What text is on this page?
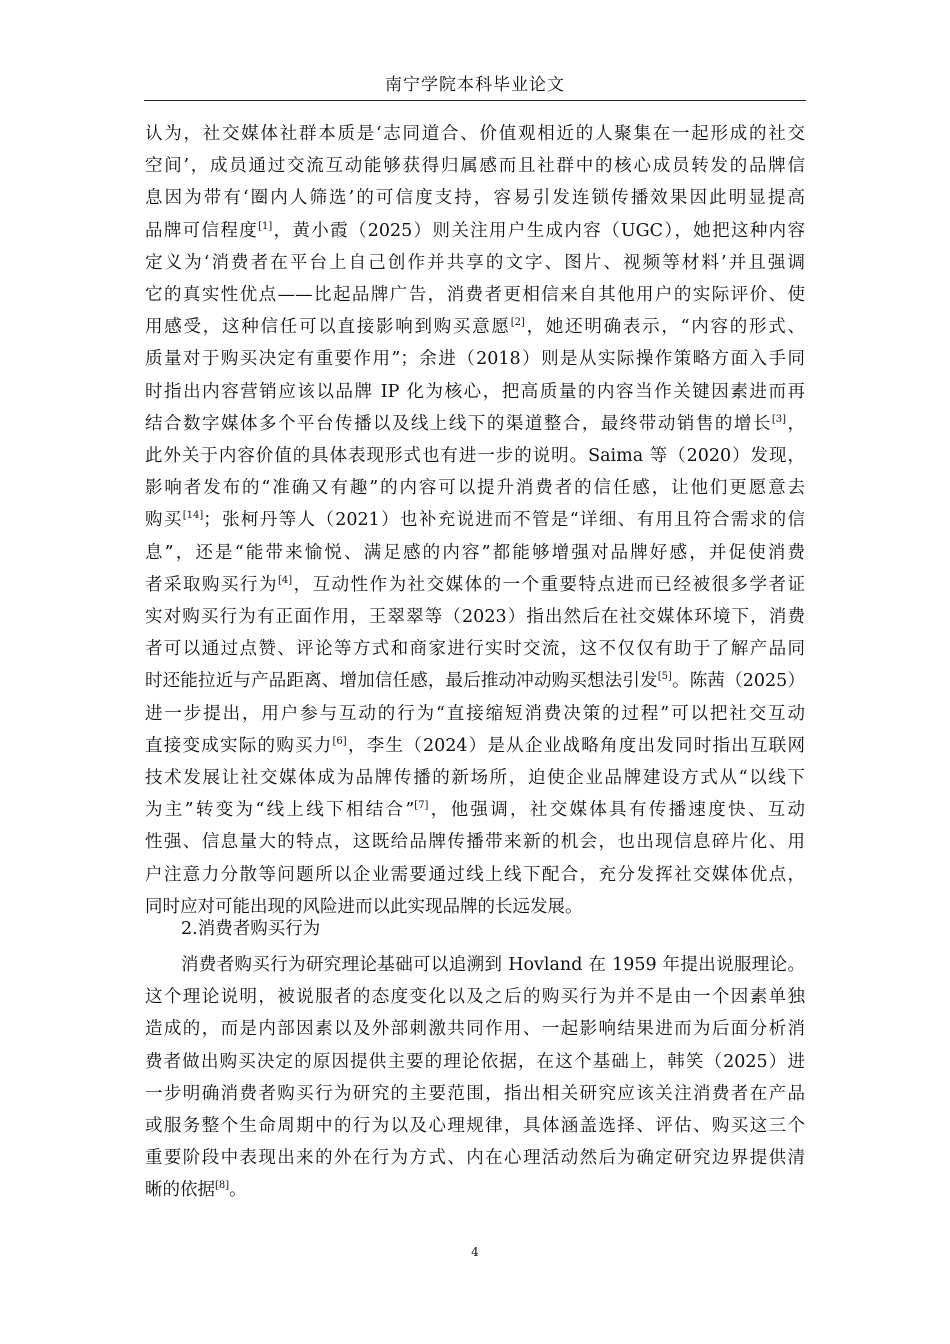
南宁学院本科毕业论文
认为，社交媒体社群本质是‘志同道合、价值观相近的人聚集在一起形成的社交
空间’，成员通过交流互动能够获得归属感而且社群中的核心成员转发的品牌信
息因为带有‘圈内人筛选’的可信度支持，容易引发连锁传播效果因此明显提高
品牌可信程度[1]，黄小霞（2025）则关注用户生成内容（UGC），她把这种内容
定义为‘消费者在平台上自己创作并共享的文字、图片、视频等材料’并且强调
它的真实性优点——比起品牌广告，消费者更相信来自其他用户的实际评价、使
用感受，这种信任可以直接影响到购买意愿[2]，她还明确表示，“内容的形式、
质量对于购买决定有重要作用”；余进（2018）则是从实际操作策略方面入手同
时指出内容营销应该以品牌 IP 化为核心，把高质量的内容当作关键因素进而再
结合数字媒体多个平台传播以及线上线下的渠道整合，最终带动销售的增长[3]，
此外关于内容价值的具体表现形式也有进一步的说明。Saima 等（2020）发现，
影响者发布的“准确又有趣”的内容可以提升消费者的信任感，让他们更愿意去
购买[14]；张柯丹等人（2021）也补充说进而不管是“详细、有用且符合需求的信
息”，还是“能带来愉悦、满足感的内容”都能够增强对品牌好感，并促使消费
者采取购买行为[4]，互动性作为社交媒体的一个重要特点进而已经被很多学者证
实对购买行为有正面作用，王翠翠等（2023）指出然后在社交媒体环境下，消费
者可以通过点赞、评论等方式和商家进行实时交流，这不仅仅有助于了解产品同
时还能拉近与产品距离、增加信任感，最后推动冲动购买想法引发[5]。陈茜（2025）
进一步提出，用户参与互动的行为“直接缩短消费决策的过程”可以把社交互动
直接变成实际的购买力[6]，李生（2024）是从企业战略角度出发同时指出互联网
技术发展让社交媒体成为品牌传播的新场所，迫使企业品牌建设方式从“以线下
为主”转变为“线上线下相结合”[7]，他强调，社交媒体具有传播速度快、互动
性强、信息量大的特点，这既给品牌传播带来新的机会，也出现信息碎片化、用
户注意力分散等问题所以企业需要通过线上线下配合，充分发挥社交媒体优点，
同时应对可能出现的风险进而以此实现品牌的长远发展。
2.消费者购买行为
消费者购买行为研究理论基础可以追溯到 Hovland 在 1959 年提出说服理论。
这个理论说明，被说服者的态度变化以及之后的购买行为并不是由一个因素单独
造成的，而是内部因素以及外部刺激共同作用、一起影响结果进而为后面分析消
费者做出购买决定的原因提供主要的理论依据，在这个基础上，韩笑（2025）进
一步明确消费者购买行为研究的主要范围，指出相关研究应该关注消费者在产品
或服务整个生命周期中的行为以及心理规律，具体涵盖选择、评估、购买这三个
重要阶段中表现出来的外在行为方式、内在心理活动然后为确定研究边界提供清
晰的依据[8]。
4
